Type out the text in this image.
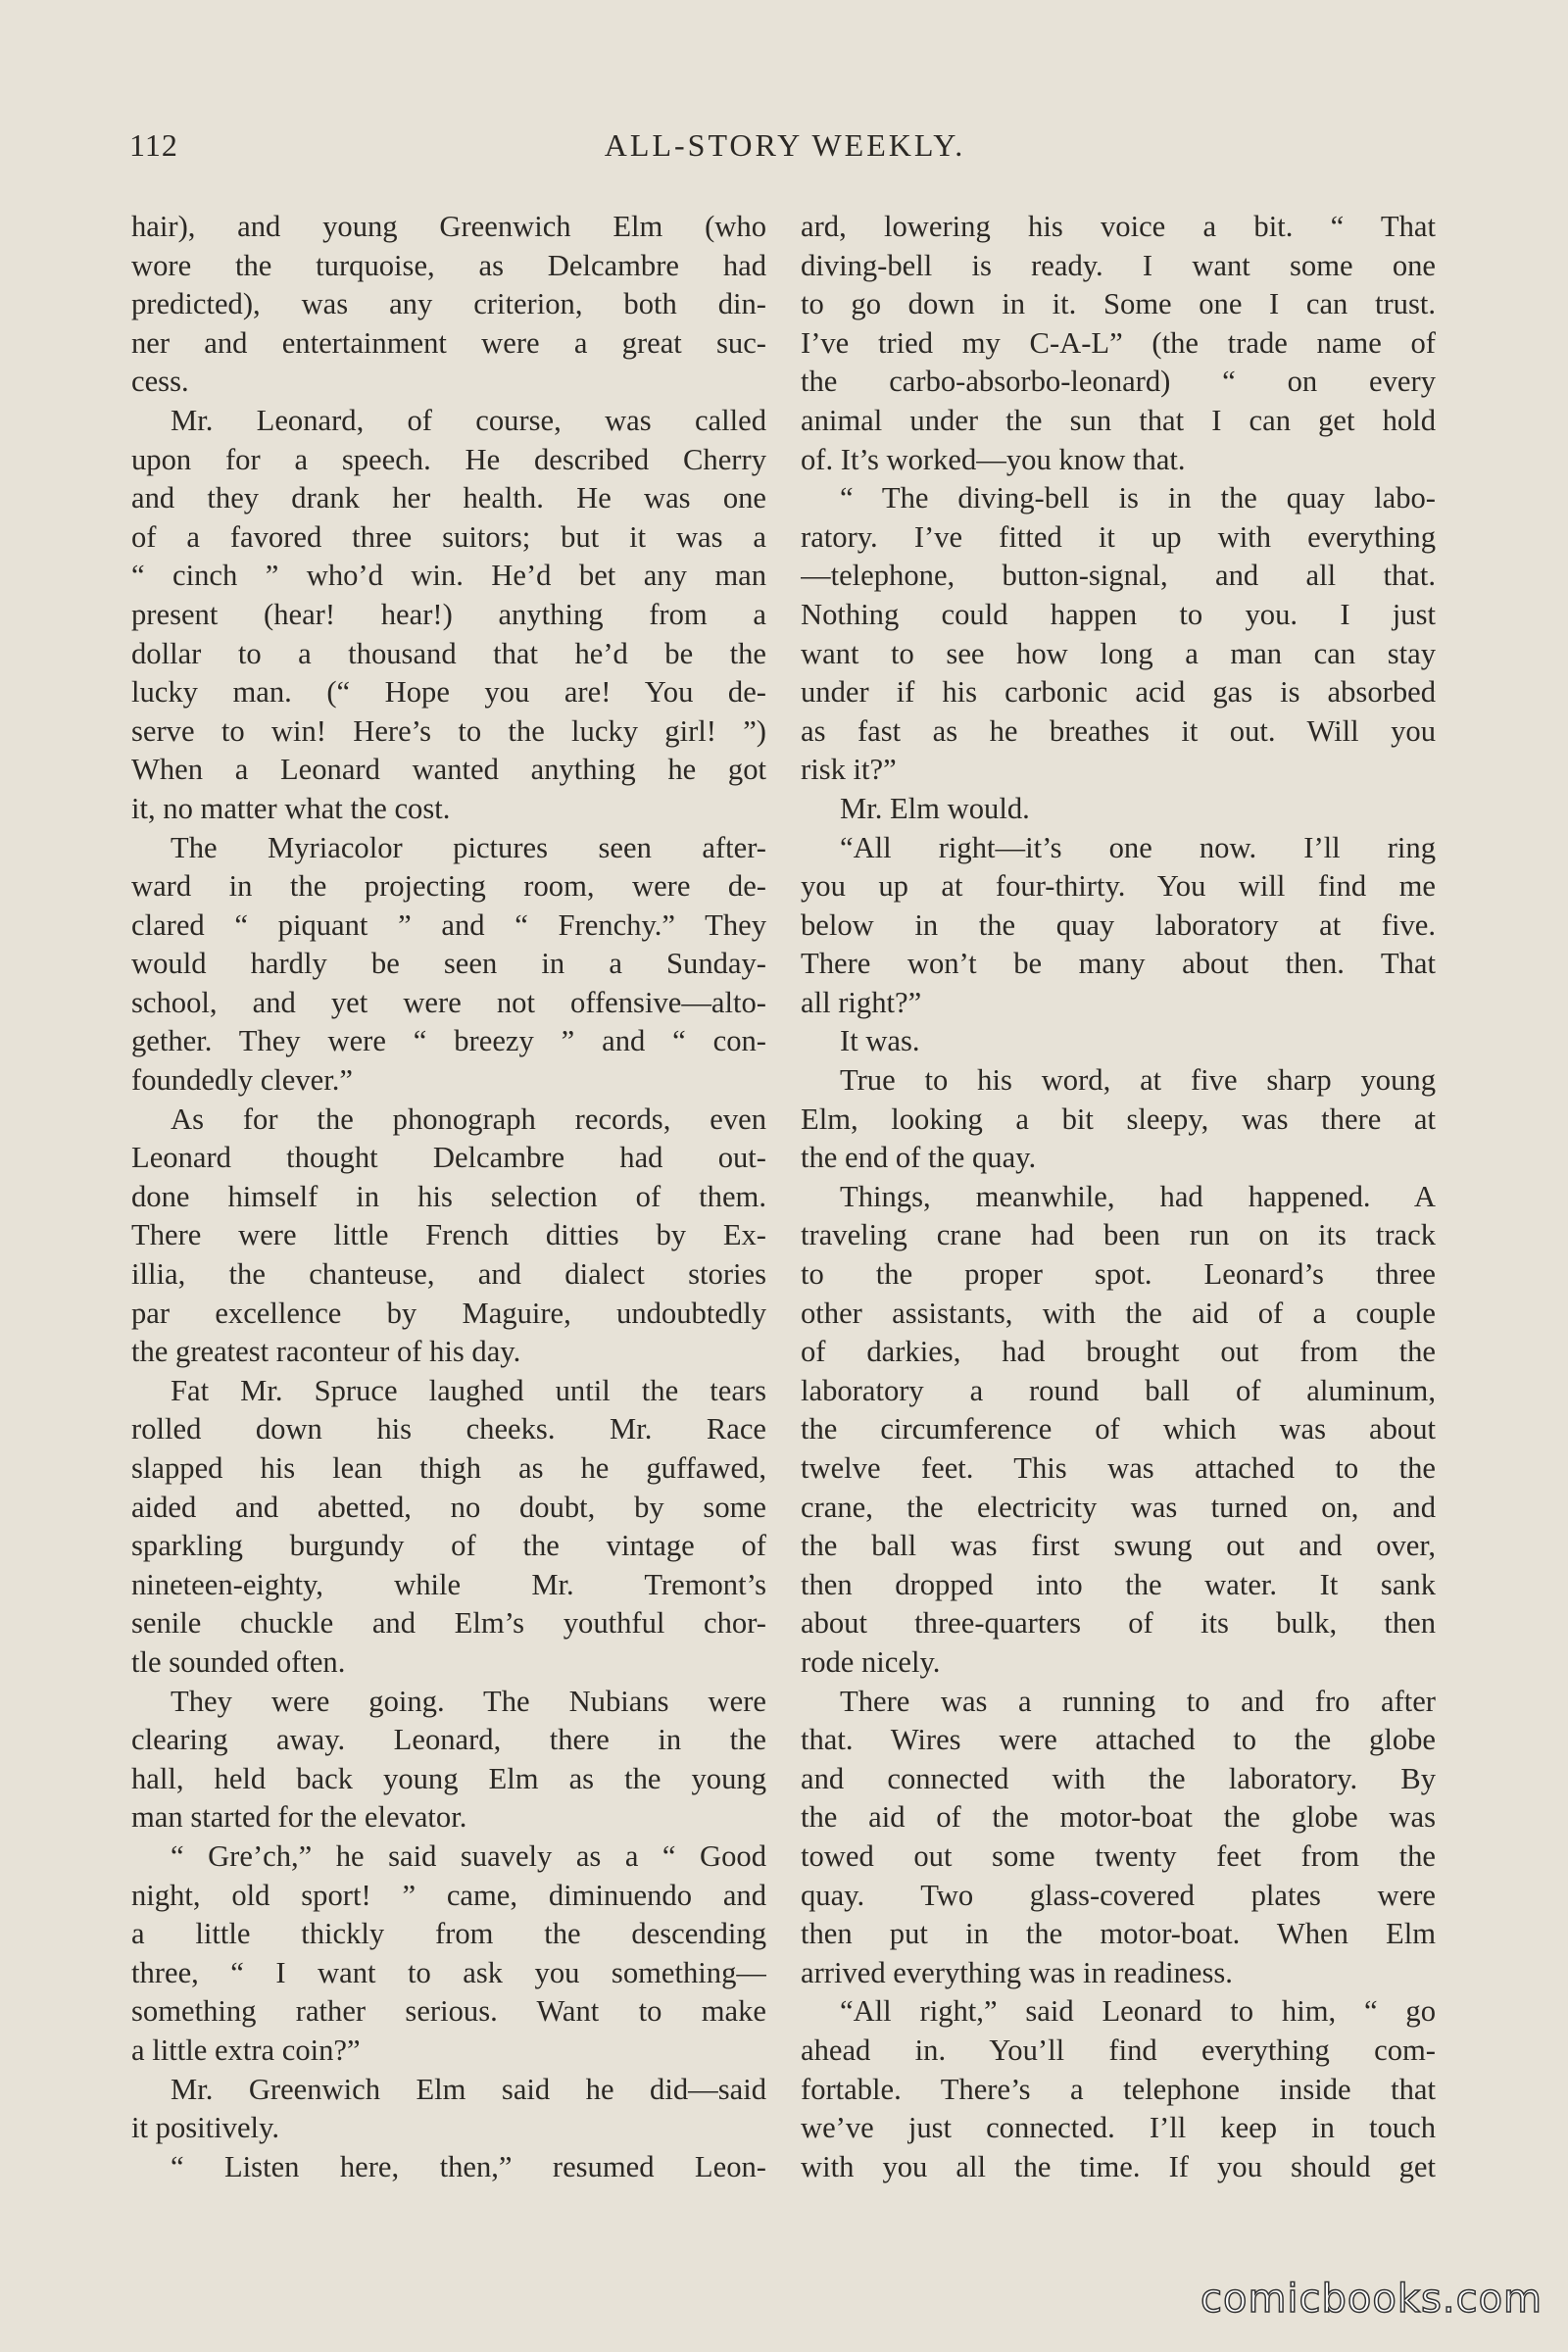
112	ALL-STORY WEEKLY.
hair), and young Greenwich Elm (who
wore the turquoise, as Delcambre had
predicted), was any criterion, both din-
ner and entertainment were a great suc-
cess.
Mr. Leonard, of course, was called
upon for a speech. He described Cherry
and they drank her health. He was one
of a favored three suitors; but it was a
“ cinch ” who’d win. He’d bet any man
present (hear! hear!) anything from a
dollar to a thousand that he’d be the
lucky man. (“ Hope you are! You de-
serve to win! Here’s to the lucky girl! ”)
When a Leonard wanted anything he got
it, no matter what the cost.
The Myriacolor pictures seen after-
ward in the projecting room, were de-
clared “ piquant ” and “ Frenchy.” They
would hardly be seen in a Sunday-
school, and yet were not offensive—alto-
gether. They were “ breezy ” and “ con-
foundedly clever.”
As for the phonograph records, even
Leonard thought Delcambre had out-
done himself in his selection of them.
There were little French ditties by Ex-
illia, the chanteuse, and dialect stories
par excellence by Maguire, undoubtedly
the greatest raconteur of his day.
Fat Mr. Spruce laughed until the tears
rolled down his cheeks. Mr. Race
slapped his lean thigh as he guffawed,
aided and abetted, no doubt, by some
sparkling burgundy of the vintage of
nineteen-eighty, while Mr. Tremont’s
senile chuckle and Elm’s youthful chor-
tle sounded often.
They were going. The Nubians were
clearing away. Leonard, there in the
hall, held back young Elm as the young
man started for the elevator.
“ Gre’ch,” he said suavely as a “ Good
night, old sport! ” came, diminuendo and
a little thickly from the descending
three, “ I want to ask you something—
something rather serious. Want to make
a little extra coin?”
Mr. Greenwich Elm said he did—said
it positively.
“ Listen here, then,” resumed Leon-
ard, lowering his voice a bit. “ That
diving-bell is ready. I want some one
to go down in it. Some one I can trust.
I’ve tried my C-A-L” (the trade name of
the carbo-absorbo-leonard) “ on every
animal under the sun that I can get hold
of. It’s worked—you know that.
“ The diving-bell is in the quay labo-
ratory. I’ve fitted it up with everything
—telephone, button-signal, and all that.
Nothing could happen to you. I just
want to see how long a man can stay
under if his carbonic acid gas is absorbed
as fast as he breathes it out. Will you
risk it?”
Mr. Elm would.
“All right—it’s one now. I’ll ring
you up at four-thirty. You will find me
below in the quay laboratory at five.
There won’t be many about then. That
all right?”
It was.
True to his word, at five sharp young
Elm, looking a bit sleepy, was there at
the end of the quay.
Things, meanwhile, had happened. A
traveling crane had been run on its track
to the proper spot. Leonard’s three
other assistants, with the aid of a couple
of darkies, had brought out from the
laboratory a round ball of aluminum,
the circumference of which was about
twelve feet. This was attached to the
crane, the electricity was turned on, and
the ball was first swung out and over,
then dropped into the water. It sank
about three-quarters of its bulk, then
rode nicely.
There was a running to and fro after
that. Wires were attached to the globe
and connected with the laboratory. By
the aid of the motor-boat the globe was
towed out some twenty feet from the
quay. Two glass-covered plates were
then put in the motor-boat. When Elm
arrived everything was in readiness.
“All right,” said Leonard to him, “ go
ahead in. You’ll find everything com-
fortable. There’s a telephone inside that
we’ve just connected. I’ll keep in touch
with you all the time. If you should get
comicbooks.com
